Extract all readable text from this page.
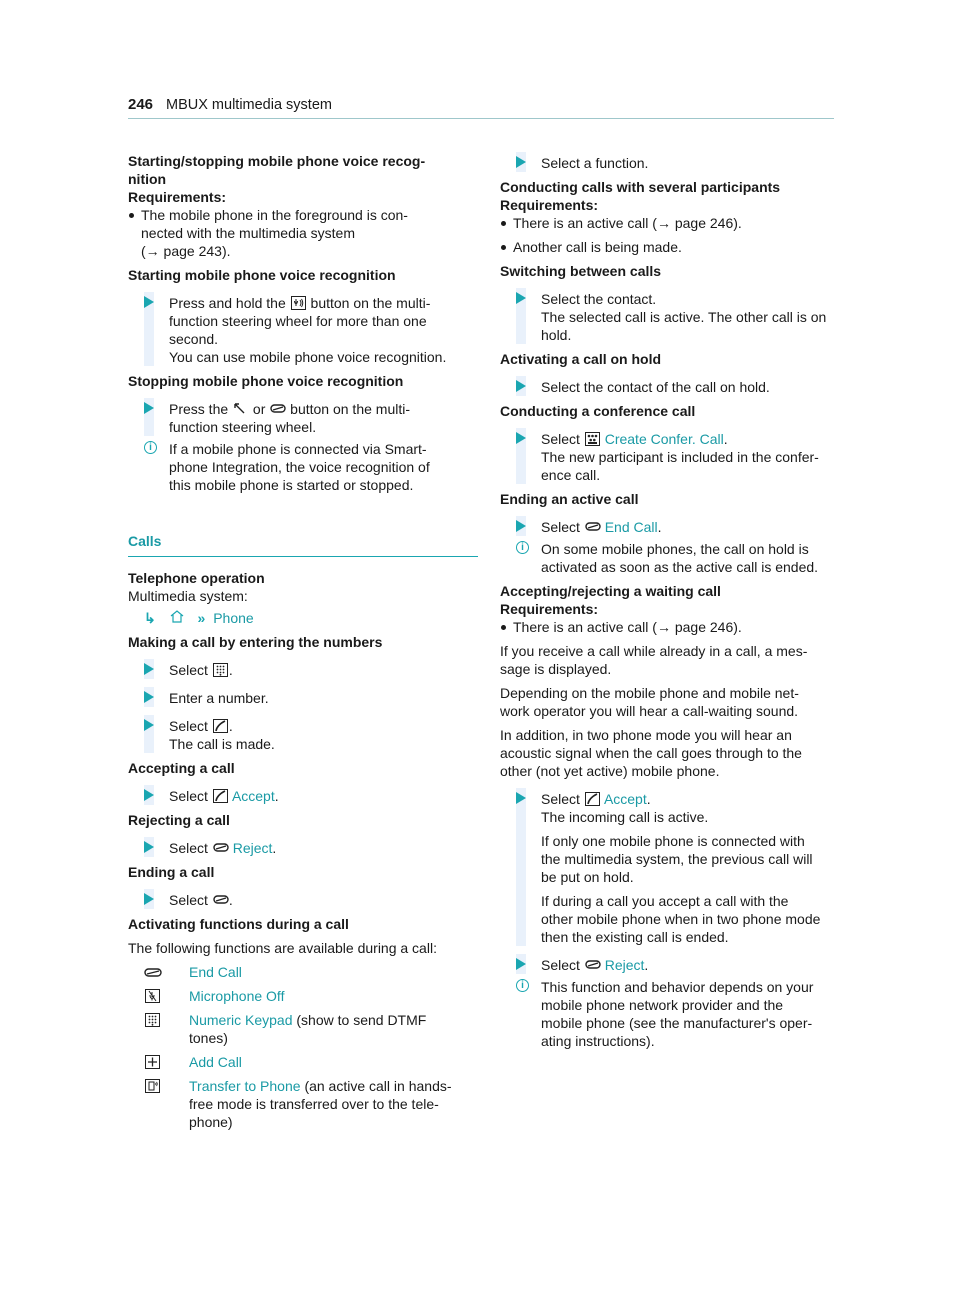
246 MBUX multimedia system
Starting/stopping mobile phone voice recog-
nition
Requirements:
The mobile phone in the foreground is con-
nected with the multimedia system
(→ page 243).
Starting mobile phone voice recognition
Press and hold the button on the multi-
function steering wheel for more than one
second.
You can use mobile phone voice recognition.
Stopping mobile phone voice recognition
Press the or button on the multi-
function steering wheel.
i	If a mobile phone is connected via Smart-
phone Integration, the voice recognition of
this mobile phone is started or stopped.
Calls
Telephone operation

Multimedia system:

↳	» Phone
Making a call by entering the numbers
Select .
Enter a number.
Select .
The call is made.
Accepting a call
Select Accept.
Rejecting a call
Select Reject.
Ending a call
Select .
Activating functions during a call

The following functions are available during a call:

End Call
Microphone Off
Numeric Keypad (show to send DTMF
tones)
Add Call
Transfer to Phone (an active call in hands-
free mode is transferred over to the tele-
phone)
Select a function.
Conducting calls with several participants
Requirements:
There is an active call (→ page 246).
Another call is being made.
Switching between calls
Select the contact.
The selected call is active. The other call is on
hold.
Activating a call on hold
Select the contact of the call on hold.
Conducting a conference call
Select Create Confer. Call.
The new participant is included in the confer-
ence call.
Ending an active call
Select End Call.
i	On some mobile phones, the call on hold is
activated as soon as the active call is ended.
Accepting/rejecting a waiting call
Requirements:
There is an active call (→ page 246).

If you receive a call while already in a call, a mes-
sage is displayed.

Depending on the mobile phone and mobile net-
work operator you will hear a call-waiting sound.

In addition, in two phone mode you will hear an
acoustic signal when the call goes through to the
other (not yet active) mobile phone.

Select Accept.
The incoming call is active.
If only one mobile phone is connected with
the multimedia system, the previous call will
be put on hold.
If during a call you accept a call with the
other mobile phone when in two phone mode
then the existing call is ended.
Select Reject.
i	This function and behavior depends on your
mobile phone network provider and the
mobile phone (see the manufacturer's oper-
ating instructions).
